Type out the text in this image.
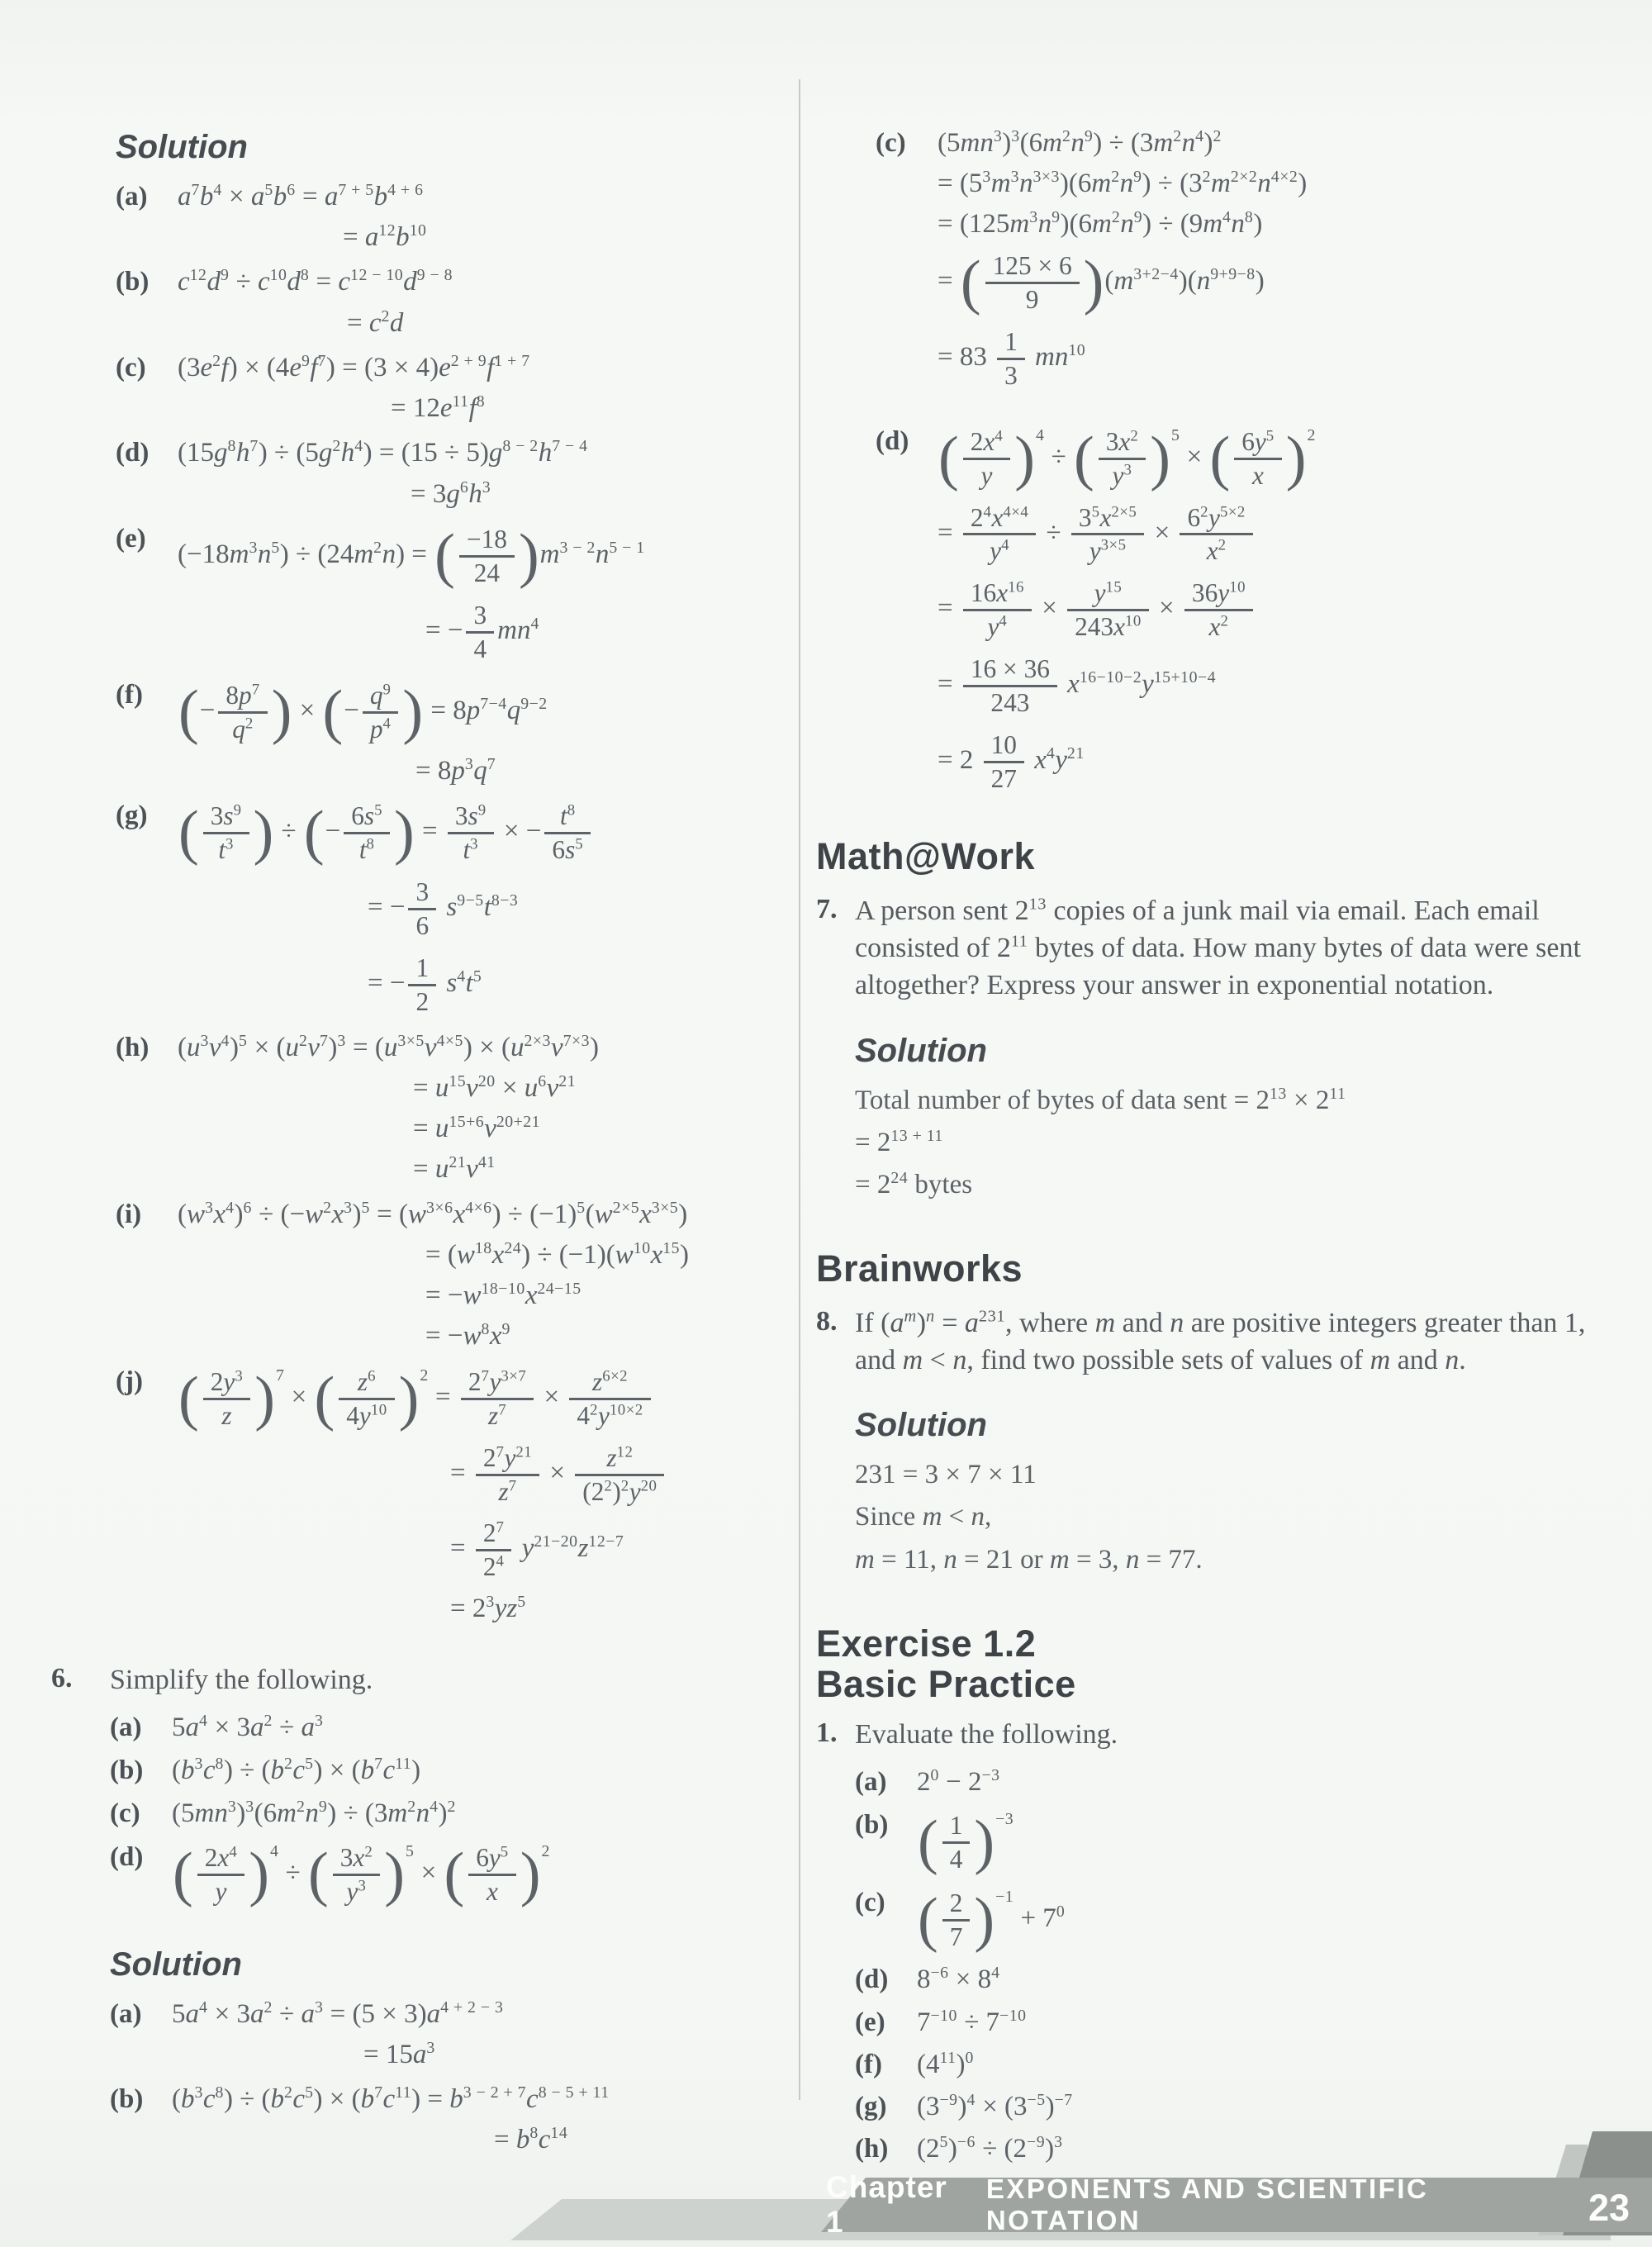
Solution
(a)	$a^7b^4 \times a^5b^6 = a^{7 + 5}b^{4 + 6}$
= $a^{12}b^{10}$
(b)	$c^{12}d^9 \div c^{10}d^8 = c^{12 - 10}d^{9 - 8}$
= $c^2d$
(c)	$(3e^2f) \times (4e^9f^7) = (3 \times 4)e^{2 + 9}f^{1 + 7}$
= $12e^{11}f^8$
(d)	$(15g^8h^7) \div (5g^2h^4) = (15 \div 5)g^{8 - 2}h^{7 - 4}$
= $3g^6h^3$
(e)
$(-18m^3n^5) \div (24m^2n)$ = ( $\frac{-18}{24} )m^{3 - 2}n^{5 - 1}$
= − $\frac{3}{4} mn^4$
(f) (− $\frac{8p^7}{q^2}$ ) × (− $\frac{q^9}{p^4}$ ) = $8p^{7-4}q^{9-2}$
= $8p^3q^7$
(g) ( $\frac{3s^9}{t^3}$ ) ÷ (− $\frac{6s^5}{t^8}$ ) = $\frac{3s^9}{t^3}$ × − $\frac{t^8}{6s^5}$
= − $\frac{3}{6} s^{9-5}t^{8-3}$
= − $\frac{1}{2} s^4t^5$
(h)	$(u^3v^4)^5 \times (u^2v^7)^3 = (u^{3\times 5}v^{4\times 5}) \times (u^{2\times 3}v^{7\times 3})$
= $u^{15}v^{20} \times u^6v^{21}$
= $u^{15+6}v^{20+21}$
= $u^{21}v^{41}$
(i)	$(w^3x^4)^6 \div (-w^2x^3)^5 = (w^{3\times 6}x^{4\times 6}) \div (-1)^5(w^{2\times 5}x^{3\times 5})$
= $(w^{18}x^{24}) \div (-1)(w^{10}x^{15})$
= $-w^{18-10}x^{24-15}$
= $-w^8x^9$
(j) ( $\frac{2y^3}{z} )^7$ × ( $\frac{z^6}{4y^{10}} )^2 = \frac{2^7y^{3\times 7}}{z^7} \times \frac{z^{6\times 2}}{4^2y^{10\times 2}}$
= $\frac{2^7y^{21}}{z^7} \times \frac{z^{12}}{(2^2)^2y^{20}}$
= $\frac{2^7}{2^4} y^{21-20}z^{12-7}$
= $2^3yz^5$
6.	Simplify the following.
(a)	$5a^4 \times 3a^2 \div a^3$
(b)	$(b^3c^8) \div (b^2c^5) \times (b^7c^{11})$
(c)	$(5mn^3)^3(6m^2n^9) \div (3m^2n^4)^2$
(d) ( $\frac{2x^4}{y} )^4$ ÷ ( $\frac{3x^2}{y^3} )^5$ × ( $\frac{6y^5}{x} )^2$
Solution
(a)	$5a^4 \times 3a^2 \div a^3 = (5 \times 3)a^{4 + 2 - 3}$
= $15a^3$
(b)	$(b^3c^8) \div (b^2c^5) \times (b^7c^{11}) = b^{3 - 2 + 7}c^{8 - 5 + 11}$
= $b^8c^{14}$
(c)	$(5mn^3)^3(6m^2n^9) \div (3m^2n^4)^2$
= $(5^3m^3n^{3\times 3})(6m^2n^9) \div (3^2m^{2\times 2}n^{4\times 2})$
= $(125m^3n^9)(6m^2n^9) \div (9m^4n^8)$
= ( $\frac{125 \times 6}{9} )(m^{3+2-4})(n^{9+9-8})$
= $83 \frac{1}{3} mn^{10}$
(d) ( $\frac{2x^4}{y} )^4$ ÷ ( $\frac{3x^2}{y^3} )^5$ × ( $\frac{6y^5}{x} )^2$
= $\frac{2^4x^{4\times 4}}{y^4} \div \frac{3^5x^{2\times 5}}{y^{3\times 5}} \times \frac{6^2y^{5\times 2}}{x^2}$
= $\frac{16x^{16}}{y^4} \times \frac{y^{15}}{243x^{10}} \times \frac{36y^{10}}{x^2}$
= $\frac{16 \times 36}{243} x^{16-10-2}y^{15+10-4}$
= $2 \frac{10}{27} x^4y^{21}$
Math@Work
7. A person sent $2^{13}$ copies of a junk mail via email. Each email consisted of $2^{11}$ bytes of data. How many bytes of data were sent altogether? Express your answer in exponential notation.
Solution
Total number of bytes of data sent = $2^{13} \times 2^{11}$
= $2^{13 + 11}$
= $2^{24}$ bytes
Brainworks
8. If $(a^m)^n = a^{231}$, where m and n are positive integers greater than 1, and m < n, find two possible sets of values of m and n.
Solution
231 = 3 × 7 × 11
Since m < n,
m = 11, n = 21 or m = 3, n = 77.
Exercise 1.2
Basic Practice
1. Evaluate the following.
(a)	$2^0 - 2^{-3}$
(b) ( $\frac{1}{4} )^{-3}$
(c) ( $\frac{2}{7} )^{-1} + 7^0$
(d)	$8^{-6} \times 8^4$
(e)	$7^{-10} \div 7^{-10}$
(f)	$(4^{11})^0$
(g)	$(3^{-9})^4 \times (3^{-5})^{-7}$
(h)	$(2^5)^{-6} \div (2^{-9})^3$
Chapter 1
EXPONENTS AND SCIENTIFIC NOTATION	23
